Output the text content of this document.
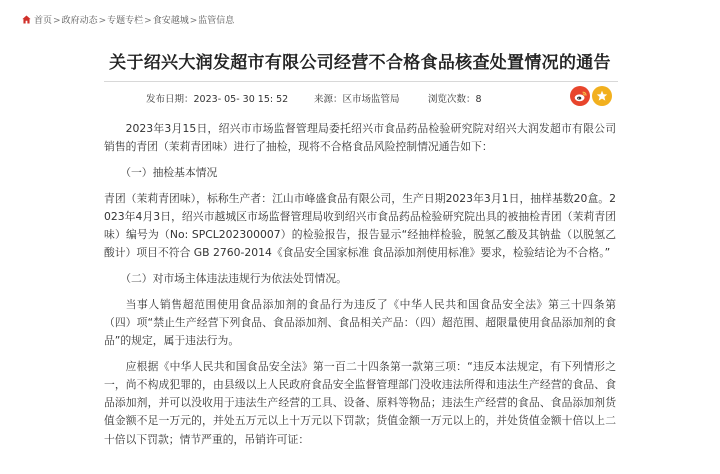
首页>政府动态>专题专栏>食安越城>监管信息
关于绍兴大润发超市有限公司经营不合格食品核查处置情况的通告
发布日期：2023- 05- 30 15: 52	来源：区市场监管局	浏览次数：8

2023年3月15日，绍兴市市场监督管理局委托绍兴市食品药品检验研究院对绍兴大润发超市有限公司销售的青团（茉莉青团味）进行了抽检，现将不合格食品风险控制情况通告如下：

（一）抽检基本情况

青团（茉莉青团味），标称生产者：江山市峰盛食品有限公司，生产日期2023年3月1日，抽样基数20盒。2023年4月3日，绍兴市越城区市场监督管理局收到绍兴市食品药品检验研究院出具的被抽检青团（茉莉青团味）编号为（No: SPCL202300007）的检验报告，报告显示“经抽样检验，脱氢乙酸及其钠盐（以脱氢乙酸计）项目不符合 GB 2760-2014《食品安全国家标准 食品添加剂使用标准》要求，检验结论为不合格。”

（二）对市场主体违法违规行为依法处罚情况。

当事人销售超范围使用食品添加剂的食品行为违反了《中华人民共和国食品安全法》第三十四条第（四）项“禁止生产经营下列食品、食品添加剂、食品相关产品：（四）超范围、超限量使用食品添加剂的食品”的规定，属于违法行为。

应根据《中华人民共和国食品安全法》第一百二十四条第一款第三项：“违反本法规定，有下列情形之一，尚不构成犯罪的，由县级以上人民政府食品安全监督管理部门没收违法所得和违法生产经营的食品、食品添加剂，并可以没收用于违法生产经营的工具、设备、原料等物品；违法生产经营的食品、食品添加剂货值金额不足一万元的，并处五万元以上十万元以下罚款；货值金额一万元以上的，并处货值金额十倍以上二十倍以下罚款；情节严重的，吊销许可证：
